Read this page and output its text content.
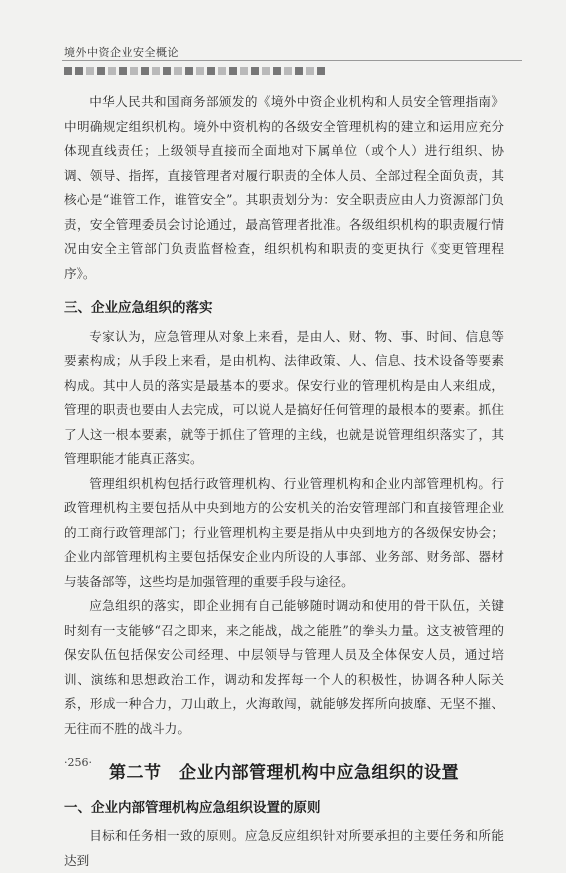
境外中资企业安全概论

中华人民共和国商务部颁发的《境外中资企业机构和人员安全管理指南》中明确规定组织机构。境外中资机构的各级安全管理机构的建立和运用应充分体现直线责任；上级领导直接而全面地对下属单位（或个人）进行组织、协调、领导、指挥，直接管理者对履行职责的全体人员、全部过程全面负责，其核心是“谁管工作，谁管安全”。其职责划分为：安全职责应由人力资源部门负责，安全管理委员会讨论通过，最高管理者批准。各级组织机构的职责履行情况由安全主管部门负责监督检查，组织机构和职责的变更执行《变更管理程序》。

三、企业应急组织的落实

专家认为，应急管理从对象上来看，是由人、财、物、事、时间、信息等要素构成；从手段上来看，是由机构、法律政策、人、信息、技术设备等要素构成。其中人员的落实是最基本的要求。保安行业的管理机构是由人来组成，管理的职责也要由人去完成，可以说人是搞好任何管理的最根本的要素。抓住了人这一根本要素，就等于抓住了管理的主线，也就是说管理组织落实了，其管理职能才能真正落实。

管理组织机构包括行政管理机构、行业管理机构和企业内部管理机构。行政管理机构主要包括从中央到地方的公安机关的治安管理部门和直接管理企业的工商行政管理部门；行业管理机构主要是指从中央到地方的各级保安协会；企业内部管理机构主要包括保安企业内所设的人事部、业务部、财务部、器材与装备部等，这些均是加强管理的重要手段与途径。

应急组织的落实，即企业拥有自己能够随时调动和使用的骨干队伍，关键时刻有一支能够“召之即来，来之能战，战之能胜”的拳头力量。这支被管理的保安队伍包括保安公司经理、中层领导与管理人员及全体保安人员，通过培训、演练和思想政治工作，调动和发挥每一个人的积极性，协调各种人际关系，形成一种合力，刀山敢上，火海敢闯，就能够发挥所向披靡、无坚不摧、无往而不胜的战斗力。

第二节　企业内部管理机构中应急组织的设置
一、企业内部管理机构应急组织设置的原则

目标和任务相一致的原则。应急反应组织针对所要承担的主要任务和所能达到

·256·
